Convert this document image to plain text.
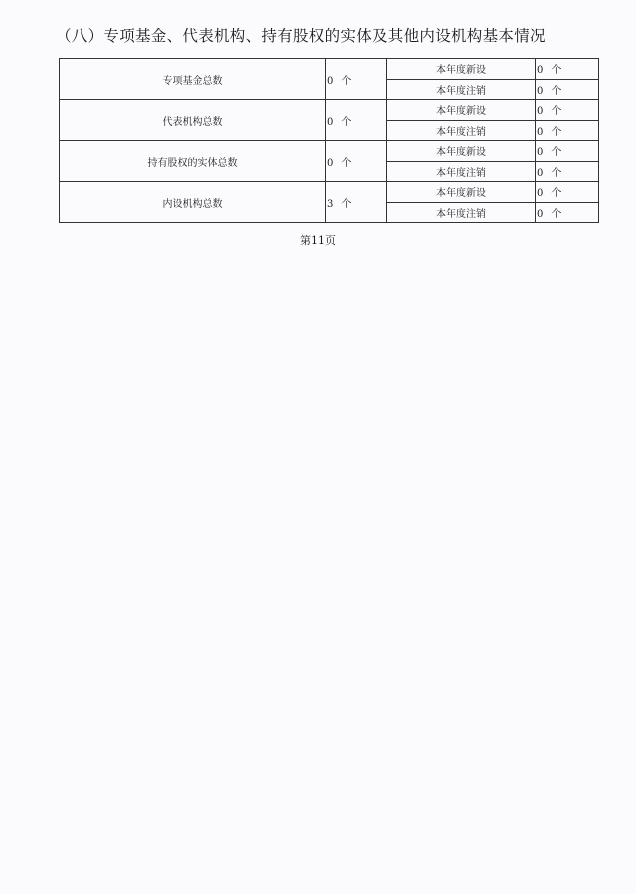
（八）专项基金、代表机构、持有股权的实体及其他内设机构基本情况
专项基金总数	0 个	本年度新设	0 个
		本年度注销	0 个
代表机构总数	0 个	本年度新设	0 个
		本年度注销	0 个
持有股权的实体总数	0 个	本年度新设	0 个
		本年度注销	0 个
内设机构总数	3 个	本年度新设	0 个
		本年度注销	0 个
第11页
